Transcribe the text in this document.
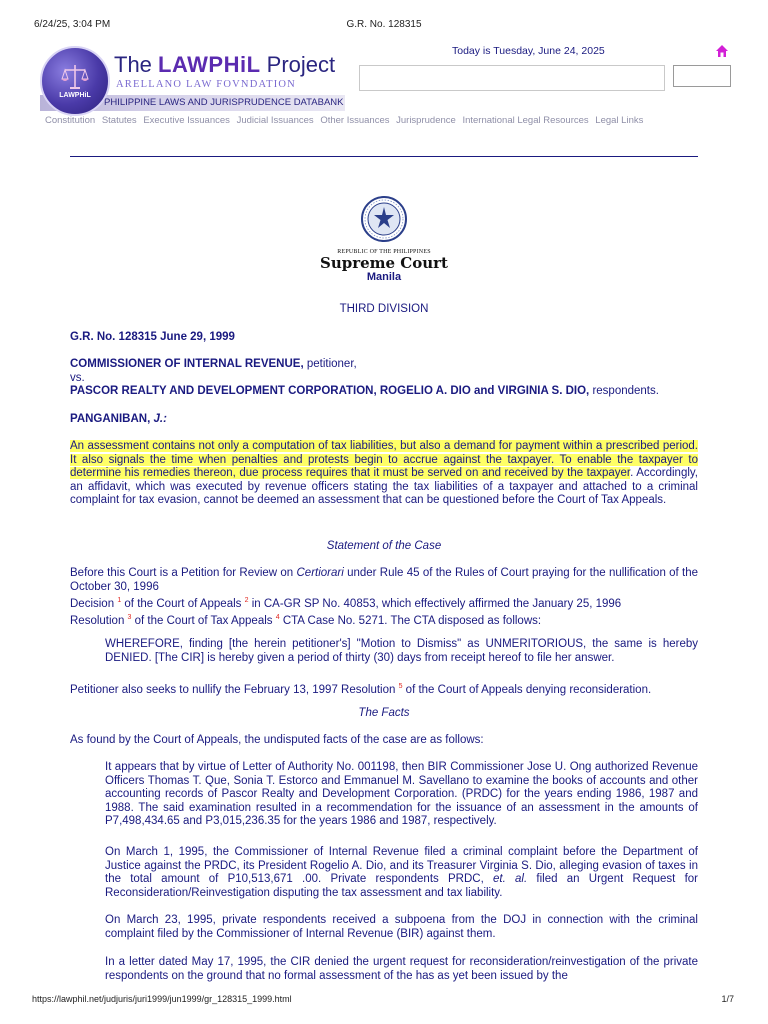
6/24/25, 3:04 PM	G.R. No. 128315
PHILIPPINE LAWS AND JURISPRUDENCE DATABANK
LAWPHiL
The LAWPHiL Project
ARELLANO LAW FOVNDATION
Today is Tuesday, June 24, 2025
Constitution Statutes Executive Issuances Judicial Issuances Other Issuances Jurisprudence International Legal Resources Legal Links
REPUBLIC OF THE PHILIPPINES
Supreme Court
Manila
THIRD DIVISION
G.R. No. 128315 June 29, 1999
COMMISSIONER OF INTERNAL REVENUE, petitioner,
vs.
PASCOR REALTY AND DEVELOPMENT CORPORATION, ROGELIO A. DIO and VIRGINIA S. DIO, respondents.
PANGANIBAN, J.:
An assessment contains not only a computation of tax liabilities, but also a demand for payment within a prescribed period. It also signals the time when penalties and protests begin to accrue against the taxpayer. To enable the taxpayer to determine his remedies thereon, due process requires that it must be served on and received by the taxpayer. Accordingly, an affidavit, which was executed by revenue officers stating the tax liabilities of a taxpayer and attached to a criminal complaint for tax evasion, cannot be deemed an assessment that can be questioned before the Court of Tax Appeals.
Statement of the Case
Before this Court is a Petition for Review on Certiorari under Rule 45 of the Rules of Court praying for the nullification of the October 30, 1996
Decision $^1$ of the Court of Appeals $^2$ in CA-GR SP No. 40853, which effectively affirmed the January 25, 1996
Resolution $^3$ of the Court of Tax Appeals $^4$ CTA Case No. 5271. The CTA disposed as follows:
WHEREFORE, finding [the herein petitioner's] "Motion to Dismiss" as UNMERITORIOUS, the same is hereby DENIED. [The CIR] is hereby given a period of thirty (30) days from receipt hereof to file her answer.
Petitioner also seeks to nullify the February 13, 1997 Resolution $^5$ of the Court of Appeals denying reconsideration.
The Facts
As found by the Court of Appeals, the undisputed facts of the case are as follows:
It appears that by virtue of Letter of Authority No. 001198, then BIR Commissioner Jose U. Ong authorized Revenue Officers Thomas T. Que, Sonia T. Estorco and Emmanuel M. Savellano to examine the books of accounts and other accounting records of Pascor Realty and Development Corporation. (PRDC) for the years ending 1986, 1987 and 1988. The said examination resulted in a recommendation for the issuance of an assessment in the amounts of P7,498,434.65 and P3,015,236.35 for the years 1986 and 1987, respectively.
On March 1, 1995, the Commissioner of Internal Revenue filed a criminal complaint before the Department of Justice against the PRDC, its President Rogelio A. Dio, and its Treasurer Virginia S. Dio, alleging evasion of taxes in the total amount of P10,513,671 .00. Private respondents PRDC, et. al. filed an Urgent Request for Reconsideration/Reinvestigation disputing the tax assessment and tax liability.
On March 23, 1995, private respondents received a subpoena from the DOJ in connection with the criminal complaint filed by the Commissioner of Internal Revenue (BIR) against them.
In a letter dated May 17, 1995, the CIR denied the urgent request for reconsideration/reinvestigation of the private respondents on the ground that no formal assessment of the has as yet been issued by the
https://lawphil.net/judjuris/juri1999/jun1999/gr_128315_1999.html	1/7
